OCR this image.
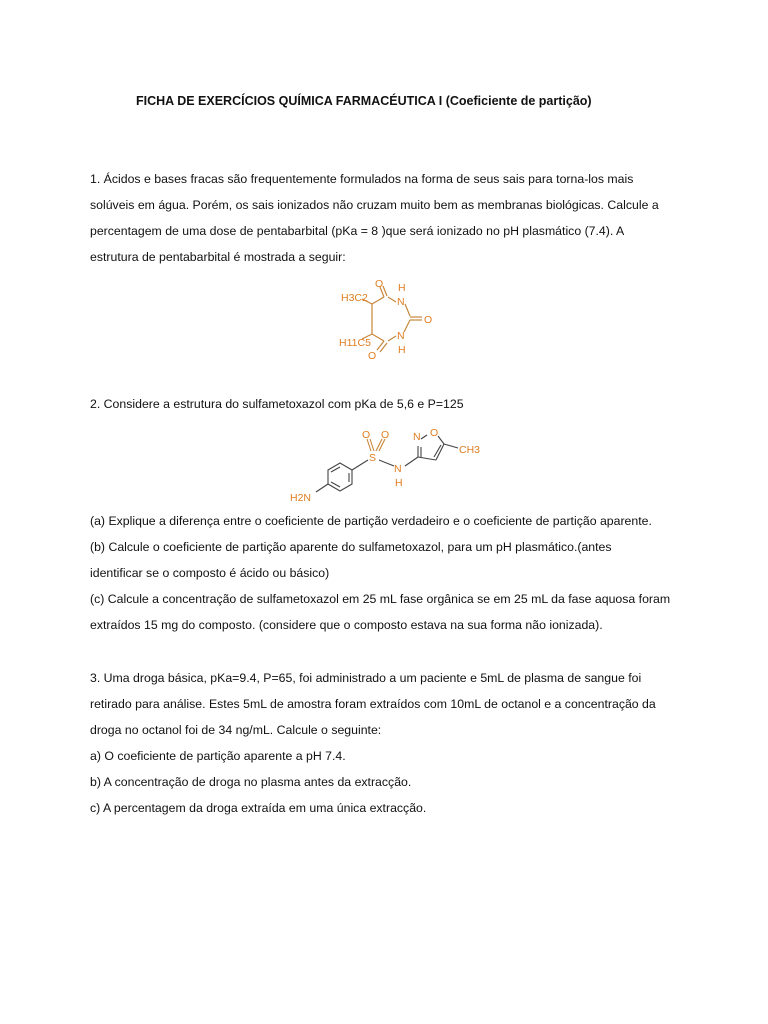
FICHA DE EXERCÍCIOS QUÍMICA FARMACÉUTICA I (Coeficiente de partição)
1. Ácidos e bases fracas são frequentemente formulados na forma de seus sais para torna-los mais
solúveis em água. Porém, os sais ionizados não cruzam muito bem as membranas biológicas. Calcule a
percentagem de uma dose de pentabarbital (pKa = 8 )que será ionizado no pH plasmático (7.4). A
estrutura de pentabarbital é mostrada a seguir:
H3C2
H11C5
N
H
N
H
O
O
O
2. Considere a estrutura do sulfametoxazol com pKa de 5,6 e P=125
H2N
S
O O
N
H
N O
CH3
(a) Explique a diferença entre o coeficiente de partição verdadeiro e o coeficiente de partição aparente.
(b) Calcule o coeficiente de partição aparente do sulfametoxazol, para um pH plasmático.(antes
identificar se o composto é ácido ou básico)
(c) Calcule a concentração de sulfametoxazol em 25 mL fase orgânica se em 25 mL da fase aquosa foram
extraídos 15 mg do composto. (considere que o composto estava na sua forma não ionizada).
3. Uma droga básica, pKa=9.4, P=65, foi administrado a um paciente e 5mL de plasma de sangue foi
retirado para análise. Estes 5mL de amostra foram extraídos com 10mL de octanol e a concentração da
droga no octanol foi de 34 ng/mL. Calcule o seguinte:
a) O coeficiente de partição aparente a pH 7.4.
b) A concentração de droga no plasma antes da extracção.
c) A percentagem da droga extraída em uma única extracção.
